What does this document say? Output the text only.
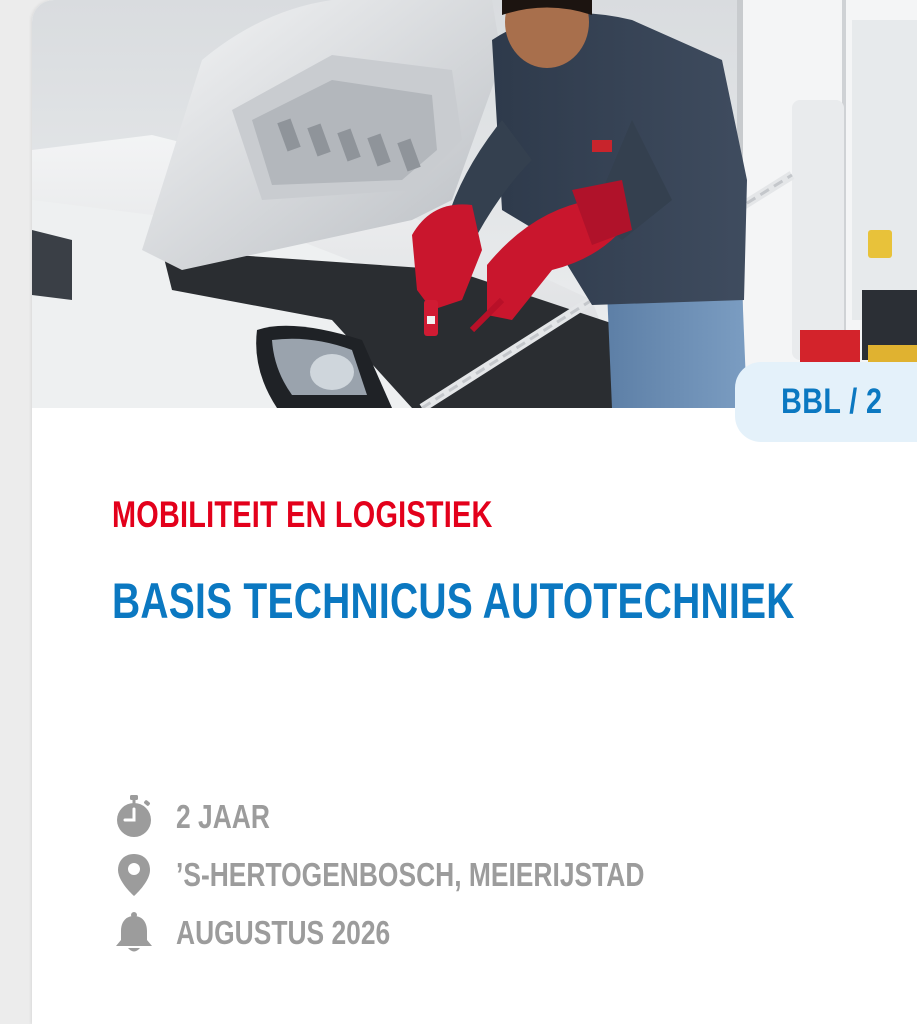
BBL / 2
MOBILITEIT EN LOGISTIEK
BASIS TECHNICUS AUTOTECHNIEK
2 JAAR
’S-HERTOGENBOSCH, MEIERIJSTAD
AUGUSTUS 2026
